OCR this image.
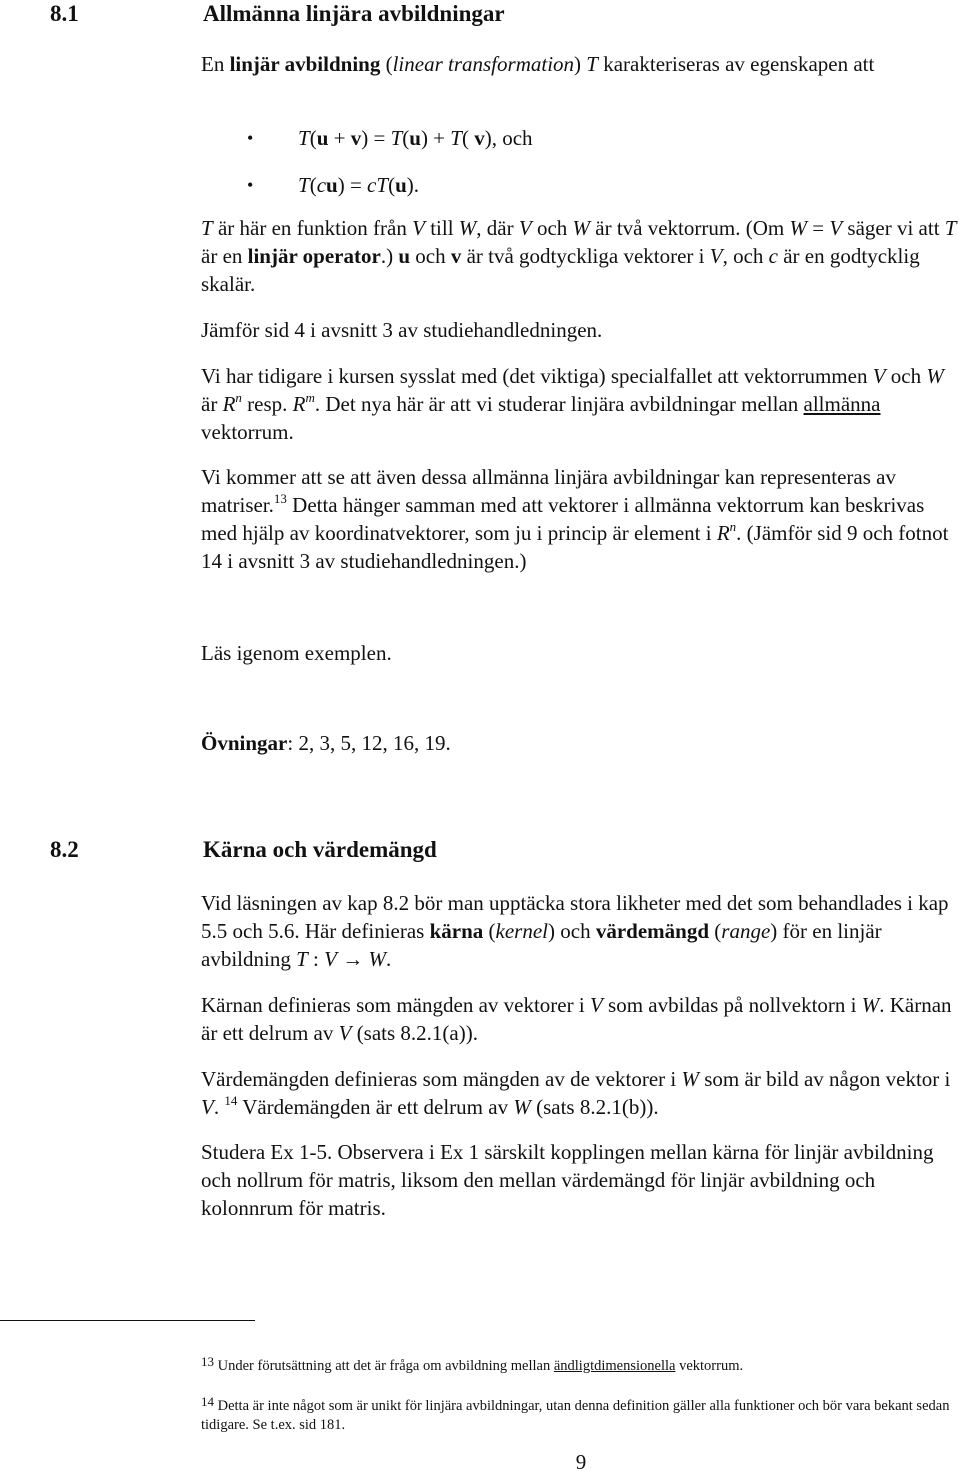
8.1	Allmänna linjära avbildningar
En linjär avbildning (linear transformation) T karakteriseras av egenskapen att
• T(u + v) = T(u) + T( v), och
• T(cu) = cT(u).
T är här en funktion från V till W, där V och W är två vektorrum. (Om W = V säger vi att T är en linjär operator.) u och v är två godtyckliga vektorer i V, och c är en godtycklig skalär.
Jämför sid 4 i avsnitt 3 av studiehandledningen.
Vi har tidigare i kursen sysslat med (det viktiga) specialfallet att vektorrummen V och W är $R^n$ resp. $R^m$. Det nya här är att vi studerar linjära avbildningar mellan allmänna vektorrum.
Vi kommer att se att även dessa allmänna linjära avbildningar kan representeras av matriser.$^{13}$ Detta hänger samman med att vektorer i allmänna vektorrum kan beskrivas med hjälp av koordinatvektorer, som ju i princip är element i $R^n$. (Jämför sid 9 och fotnot 14 i avsnitt 3 av studiehandledningen.)
Läs igenom exemplen.
Övningar: 2, 3, 5, 12, 16, 19.
8.2	Kärna och värdemängd
Vid läsningen av kap 8.2 bör man upptäcka stora likheter med det som behandlades i kap 5.5 och 5.6. Här definieras kärna (kernel) och värdemängd (range) för en linjär avbildning T : V → W.
Kärnan definieras som mängden av vektorer i V som avbildas på nollvektorn i W. Kärnan är ett delrum av V (sats 8.2.1(a)).
Värdemängden definieras som mängden av de vektorer i W som är bild av någon vektor i V. $^{14}$ Värdemängden är ett delrum av W (sats 8.2.1(b)).
Studera Ex 1-5. Observera i Ex 1 särskilt kopplingen mellan kärna för linjär avbildning och nollrum för matris, liksom den mellan värdemängd för linjär avbildning och kolonnrum för matris.
13 Under förutsättning att det är fråga om avbildning mellan ändligtdimensionella vektorrum.
14 Detta är inte något som är unikt för linjära avbildningar, utan denna definition gäller alla funktioner och bör vara bekant sedan tidigare. Se t.ex. sid 181.
9
